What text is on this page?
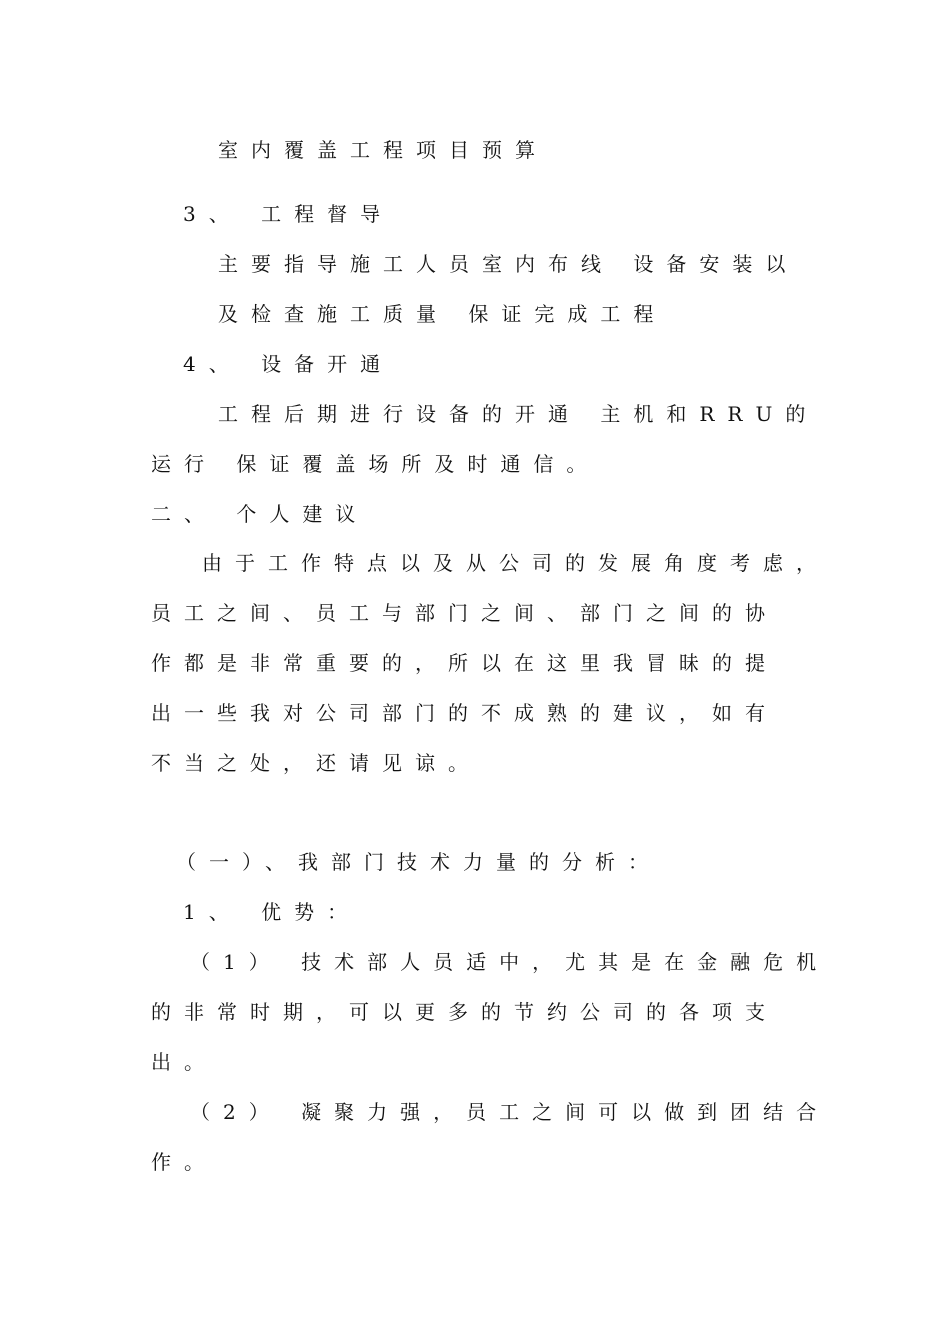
室内覆盖工程项目预算
3、 工程督导
主要指导施工人员室内布线 设备安装以
及检查施工质量 保证完成工程
4、 设备开通
工程后期进行设备的开通 主机和RRU的
运行 保证覆盖场所及时通信。
二、 个人建议
由于工作特点以及从公司的发展角度考虑，
员工之间、员工与部门之间、部门之间的协
作都是非常重要的，所以在这里我冒昧的提
出一些我对公司部门的不成熟的建议，如有
不当之处，还请见谅。
（一）、我部门技术力量的分析：
1、 优势：
（1） 技术部人员适中，尤其是在金融危机
的非常时期，可以更多的节约公司的各项支
出。
（2） 凝聚力强，员工之间可以做到团结合
作。
